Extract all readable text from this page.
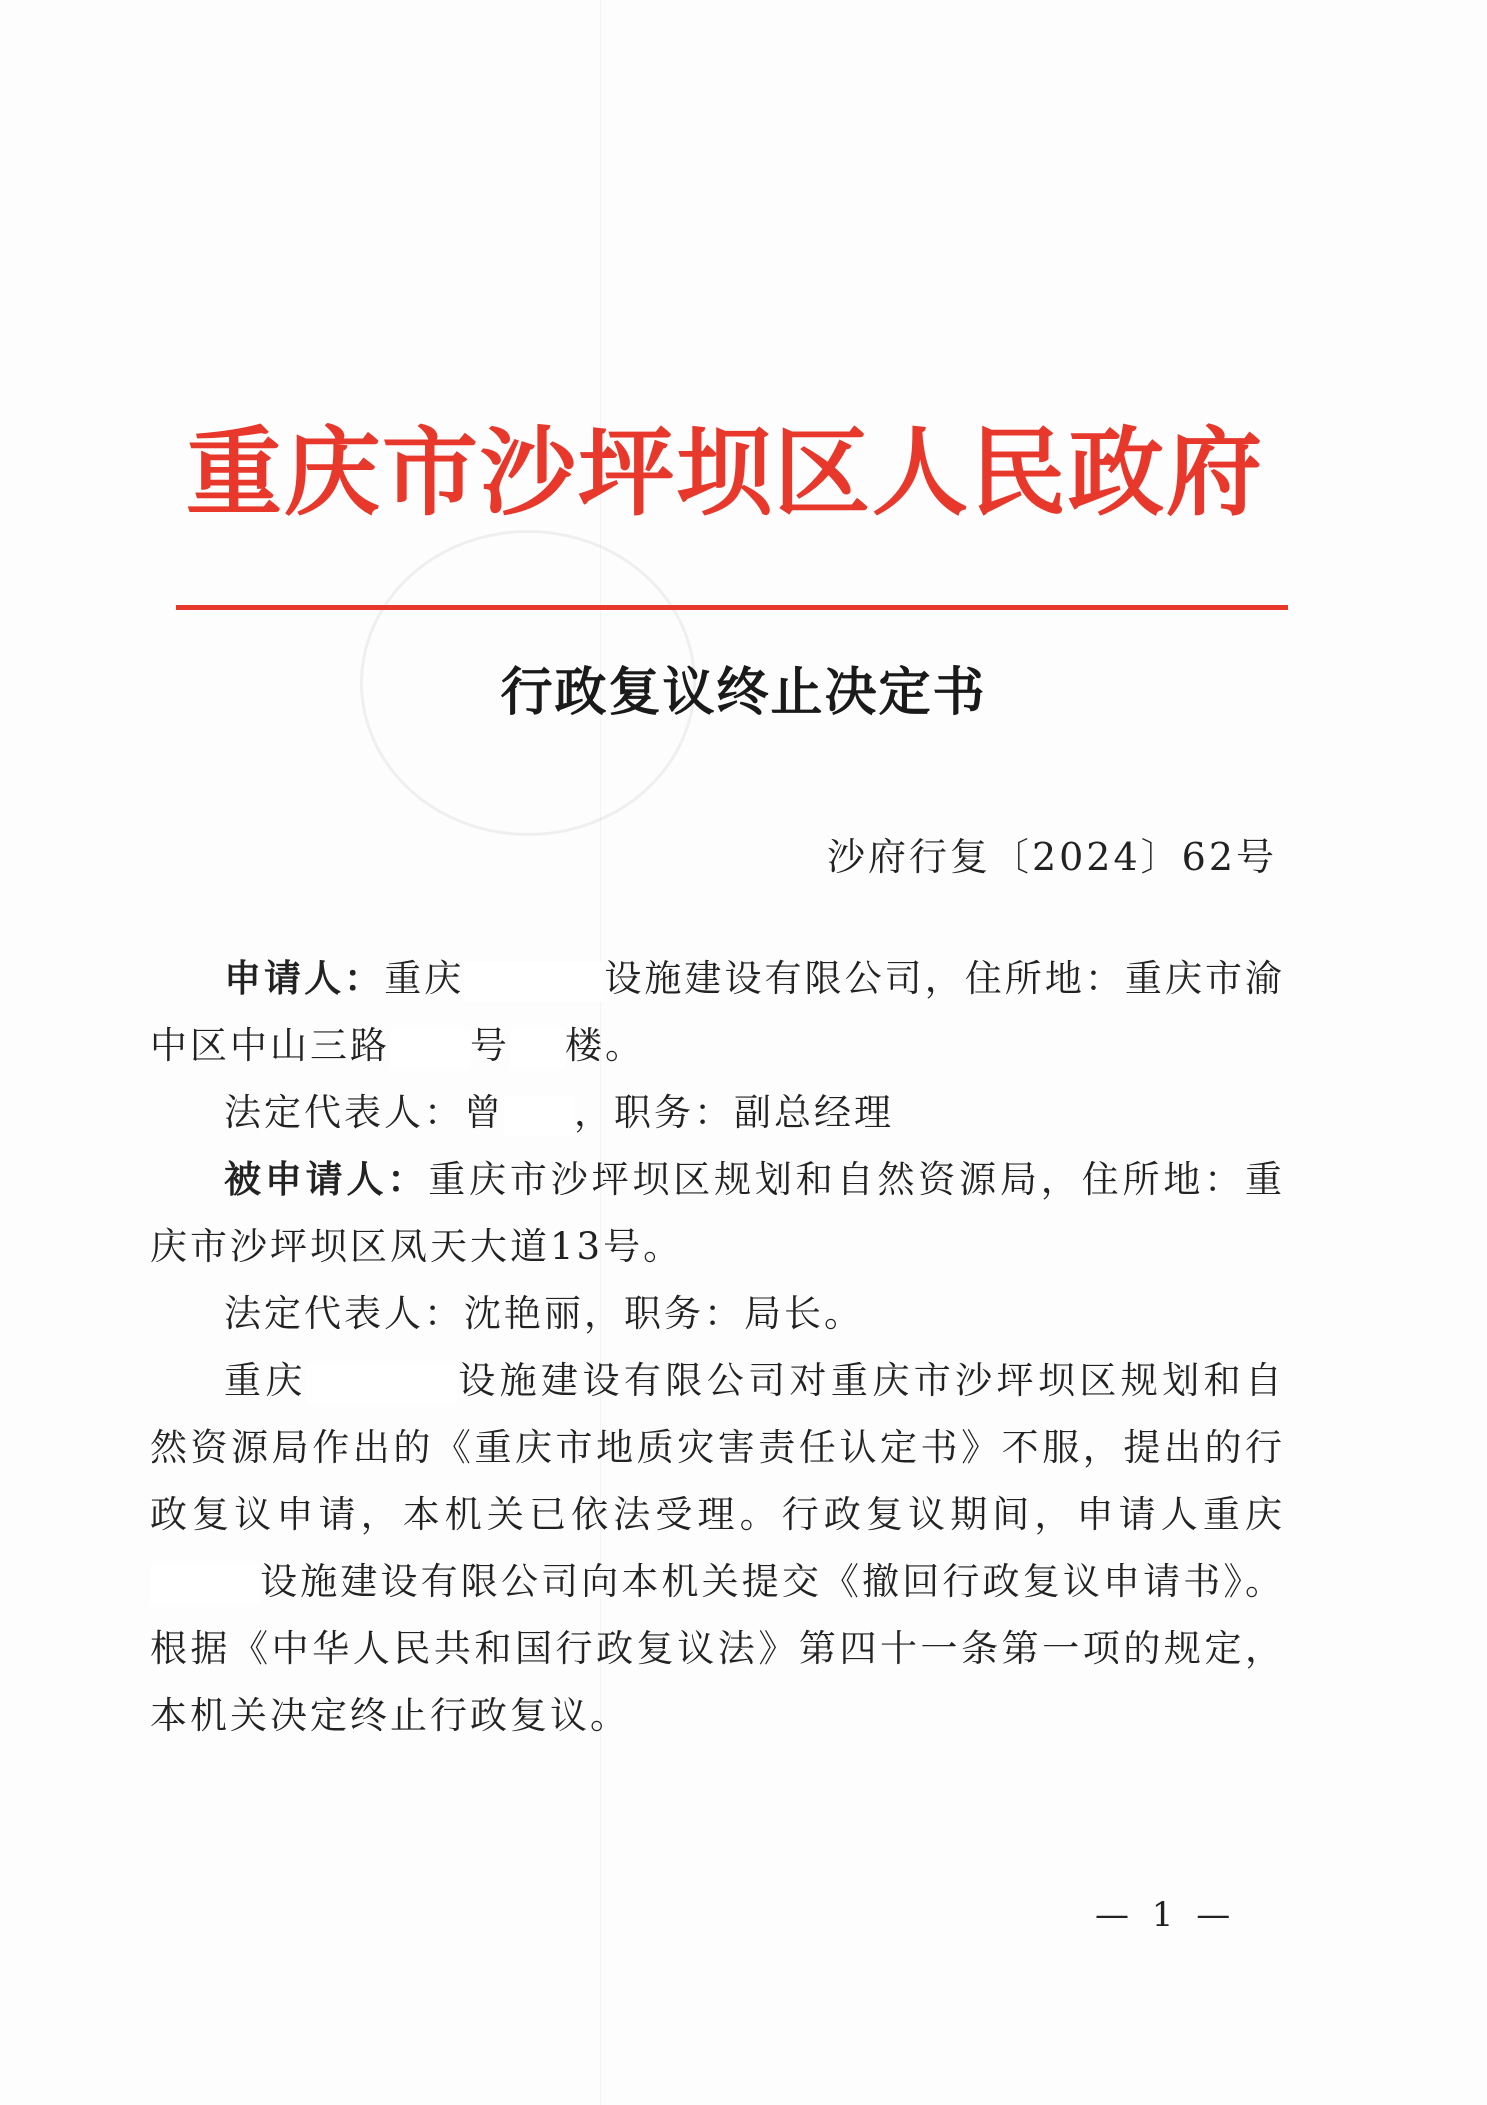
重庆市沙坪坝区人民政府
行政复议终止决定书
沙府行复〔2024〕62号

申请人：重庆	设施建设有限公司，住所地：重庆市渝中区中山三路 号 楼。

法定代表人：曾 ，职务：副总经理

被申请人：重庆市沙坪坝区规划和自然资源局，住所地：重庆市沙坪坝区凤天大道13号。

法定代表人：沈艳丽，职务：局长。

重庆	设施建设有限公司对重庆市沙坪坝区规划和自然资源局作出的《重庆市地质灾害责任认定书》不服，提出的行政复议申请，本机关已依法受理。行政复议期间，申请人重庆设施建设有限公司向本机关提交《撤回行政复议申请书》。根据《中华人民共和国行政复议法》第四十一条第一项的规定，本机关决定终止行政复议。

— 1 —
